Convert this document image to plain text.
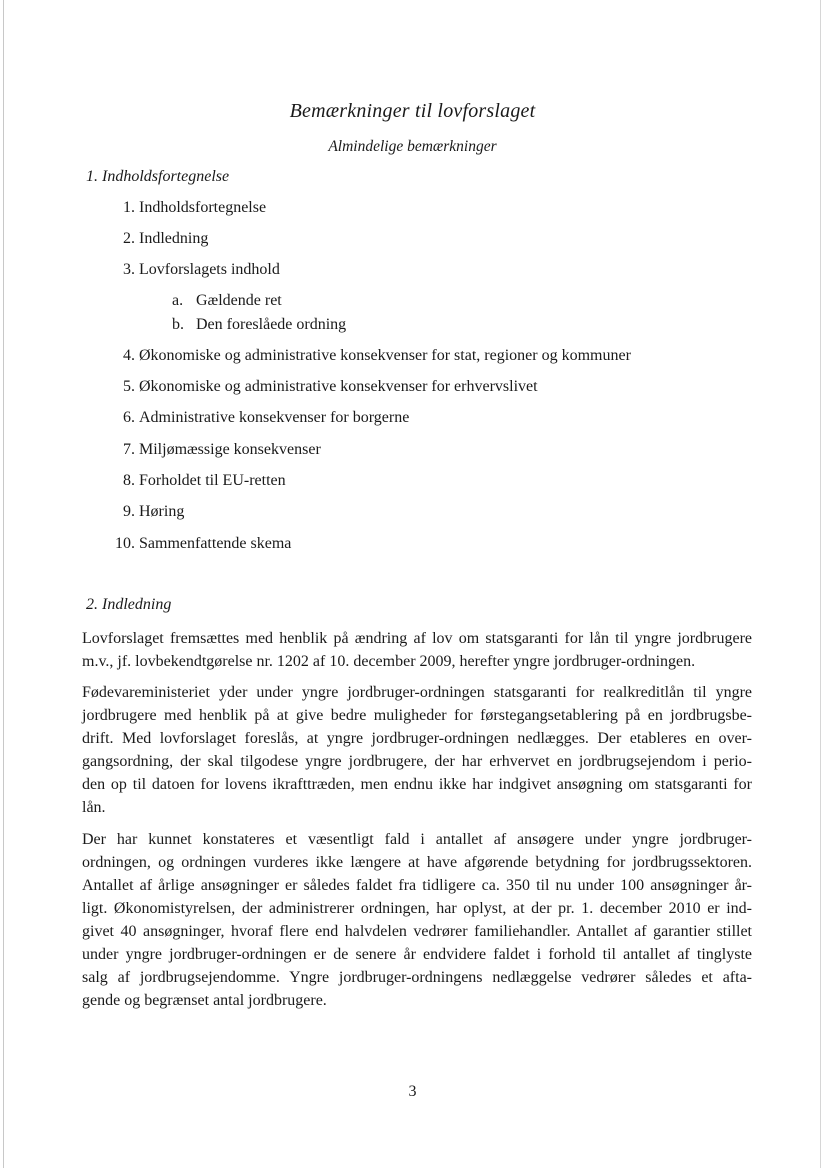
Bemærkninger til lovforslaget
Almindelige bemærkninger
1. Indholdsfortegnelse
1. Indholdsfortegnelse
2. Indledning
3. Lovforslagets indhold
a. Gældende ret
b. Den foreslåede ordning
4. Økonomiske og administrative konsekvenser for stat, regioner og kommuner
5. Økonomiske og administrative konsekvenser for erhvervslivet
6. Administrative konsekvenser for borgerne
7. Miljømæssige konsekvenser
8. Forholdet til EU-retten
9. Høring
10. Sammenfattende skema
2. Indledning

Lovforslaget fremsættes med henblik på ændring af lov om statsgaranti for lån til yngre jordbrugere
m.v., jf. lovbekendtgørelse nr. 1202 af 10. december 2009, herefter yngre jordbruger-ordningen.

Fødevareministeriet yder under yngre jordbruger-ordningen statsgaranti for realkreditlån til yngre
jordbrugere med henblik på at give bedre muligheder for førstegangsetablering på en jordbrugsbe-
drift. Med lovforslaget foreslås, at yngre jordbruger-ordningen nedlægges. Der etableres en over-
gangsordning, der skal tilgodese yngre jordbrugere, der har erhvervet en jordbrugsejendom i perio-
den op til datoen for lovens ikrafttræden, men endnu ikke har indgivet ansøgning om statsgaranti for
lån.

Der har kunnet konstateres et væsentligt fald i antallet af ansøgere under yngre jordbruger-
ordningen, og ordningen vurderes ikke længere at have afgørende betydning for jordbrugssektoren.
Antallet af årlige ansøgninger er således faldet fra tidligere ca. 350 til nu under 100 ansøgninger år-
ligt. Økonomistyrelsen, der administrerer ordningen, har oplyst, at der pr. 1. december 2010 er ind-
givet 40 ansøgninger, hvoraf flere end halvdelen vedrører familiehandler. Antallet af garantier stillet
under yngre jordbruger-ordningen er de senere år endvidere faldet i forhold til antallet af tinglyste
salg af jordbrugsejendomme. Yngre jordbruger-ordningens nedlæggelse vedrører således et afta-
gende og begrænset antal jordbrugere.

3
